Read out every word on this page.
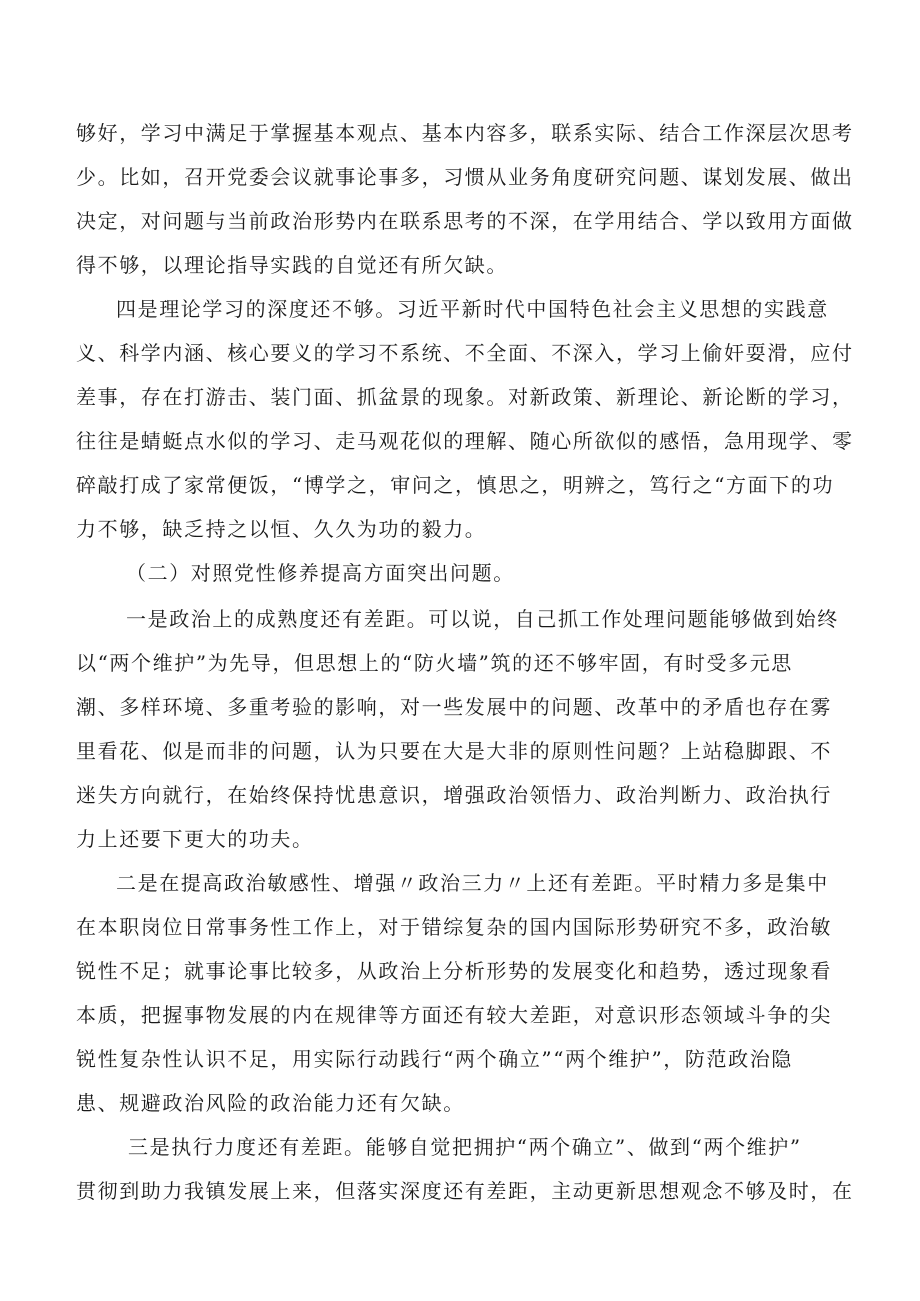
够好，学习中满足于掌握基本观点、基本内容多，联系实际、结合工作深层次思考
少。比如，召开党委会议就事论事多，习惯从业务角度研究问题、谋划发展、做出
决定，对问题与当前政治形势内在联系思考的不深，在学用结合、学以致用方面做
得不够，以理论指导实践的自觉还有所欠缺。
四是理论学习的深度还不够。习近平新时代中国特色社会主义思想的实践意
义、科学内涵、核心要义的学习不系统、不全面、不深入，学习上偷奸耍滑，应付
差事，存在打游击、装门面、抓盆景的现象。对新政策、新理论、新论断的学习，
往往是蜻蜓点水似的学习、走马观花似的理解、随心所欲似的感悟，急用现学、零
碎敲打成了家常便饭，“博学之，审问之，慎思之，明辨之，笃行之“方面下的功
力不够，缺乏持之以恒、久久为功的毅力。
（二）对照党性修养提高方面突出问题。
一是政治上的成熟度还有差距。可以说，自己抓工作处理问题能够做到始终
以“两个维护”为先导，但思想上的“防火墙”筑的还不够牢固，有时受多元思
潮、多样环境、多重考验的影响，对一些发展中的问题、改革中的矛盾也存在雾
里看花、似是而非的问题，认为只要在大是大非的原则性问题？上站稳脚跟、不
迷失方向就行，在始终保持忧患意识，增强政治领悟力、政治判断力、政治执行
力上还要下更大的功夫。
二是在提高政治敏感性、增强〃政治三力〃上还有差距。平时精力多是集中
在本职岗位日常事务性工作上，对于错综复杂的国内国际形势研究不多，政治敏
锐性不足；就事论事比较多，从政治上分析形势的发展变化和趋势，透过现象看
本质，把握事物发展的内在规律等方面还有较大差距，对意识形态领域斗争的尖
锐性复杂性认识不足，用实际行动践行“两个确立”“两个维护”，防范政治隐
患、规避政治风险的政治能力还有欠缺。
三是执行力度还有差距。能够自觉把拥护“两个确立”、做到“两个维护”
贯彻到助力我镇发展上来，但落实深度还有差距，主动更新思想观念不够及时，在
